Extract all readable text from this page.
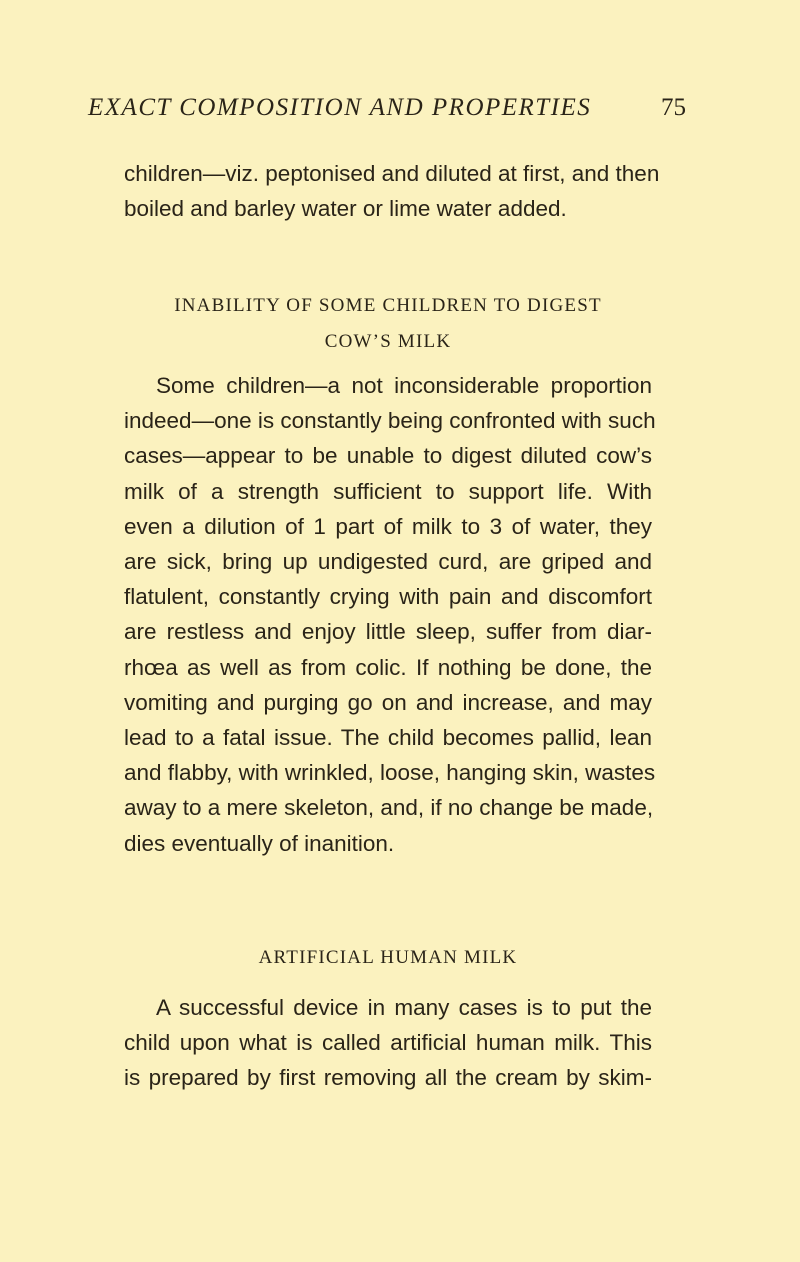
EXACT COMPOSITION AND PROPERTIES	75
children—viz. peptonised and diluted at first, and then
boiled and barley water or lime water added.
INABILITY OF SOME CHILDREN TO DIGEST
COW’S MILK
Some children—a not inconsiderable proportion
indeed—one is constantly being confronted with such
cases—appear to be unable to digest diluted cow’s
milk of a strength sufficient to support life. With
even a dilution of 1 part of milk to 3 of water, they
are sick, bring up undigested curd, are griped and
flatulent, constantly crying with pain and discomfort
are restless and enjoy little sleep, suffer from diar-
rhœa as well as from colic. If nothing be done, the
vomiting and purging go on and increase, and may
lead to a fatal issue. The child becomes pallid, lean
and flabby, with wrinkled, loose, hanging skin, wastes
away to a mere skeleton, and, if no change be made,
dies eventually of inanition.
ARTIFICIAL HUMAN MILK
A successful device in many cases is to put the
child upon what is called artificial human milk. This
is prepared by first removing all the cream by skim-
